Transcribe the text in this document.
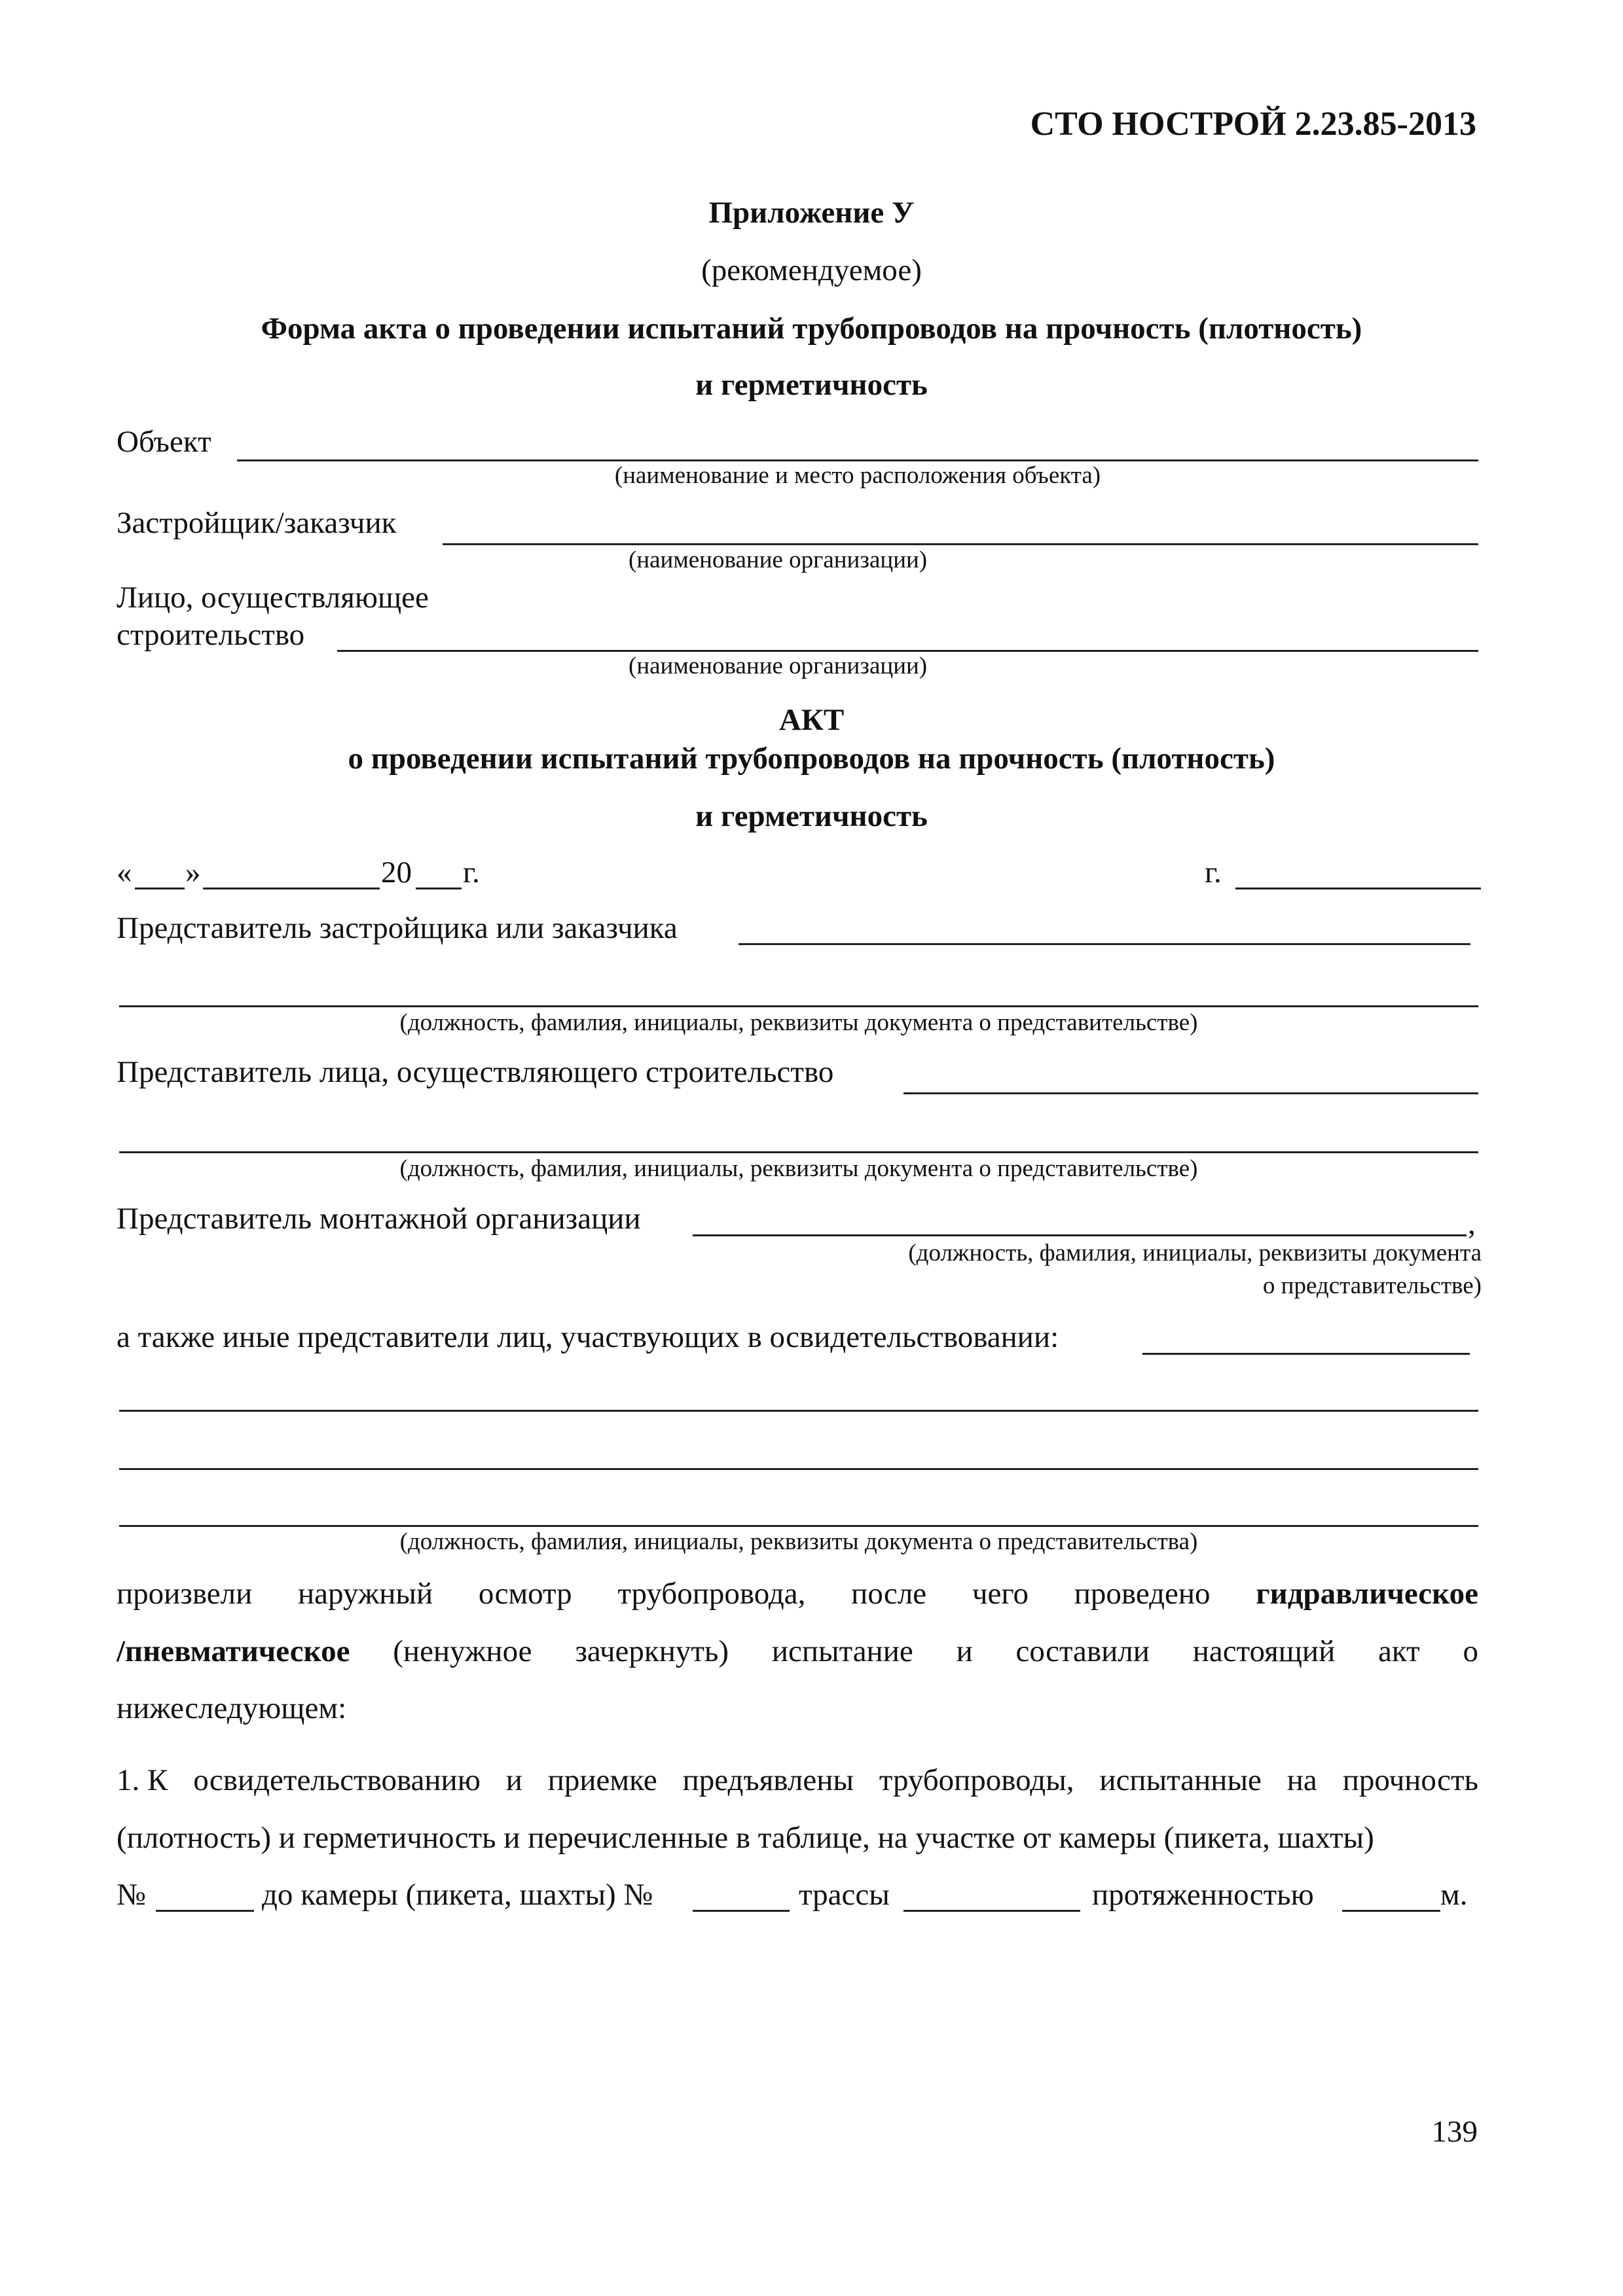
СТО НОСТРОЙ 2.23.85-2013
Приложение У
(рекомендуемое)
Форма акта о проведении испытаний трубопроводов на прочность (плотность)
и герметичность
Объект
(наименование и место расположения объекта)
Застройщик/заказчик
(наименование организации)
Лицо, осуществляющее
строительство
(наименование организации)
АКТ
о проведении испытаний трубопроводов на прочность (плотность)
и герметичность
« »	20 г.	г.
Представитель застройщика или заказчика
(должность, фамилия, инициалы, реквизиты документа о представительстве)
Представитель лица, осуществляющего строительство
(должность, фамилия, инициалы, реквизиты документа о представительстве)
Представитель монтажной организации	,
(должность, фамилия, инициалы, реквизиты документа
о представительстве)
а также иные представители лиц, участвующих в освидетельствовании:
(должность, фамилия, инициалы, реквизиты документа о представительства)
произвели наружный осмотр трубопровода, после чего проведено гидравлическое
/пневматическое (ненужное зачеркнуть) испытание и составили настоящий акт о
нижеследующем:
1. К освидетельствованию и приемке предъявлены трубопроводы, испытанные на прочность
(плотность) и герметичность и перечисленные в таблице, на участке от камеры (пикета, шахты)
№	до камеры (пикета, шахты) №	трассы	протяженностью	м.
139
